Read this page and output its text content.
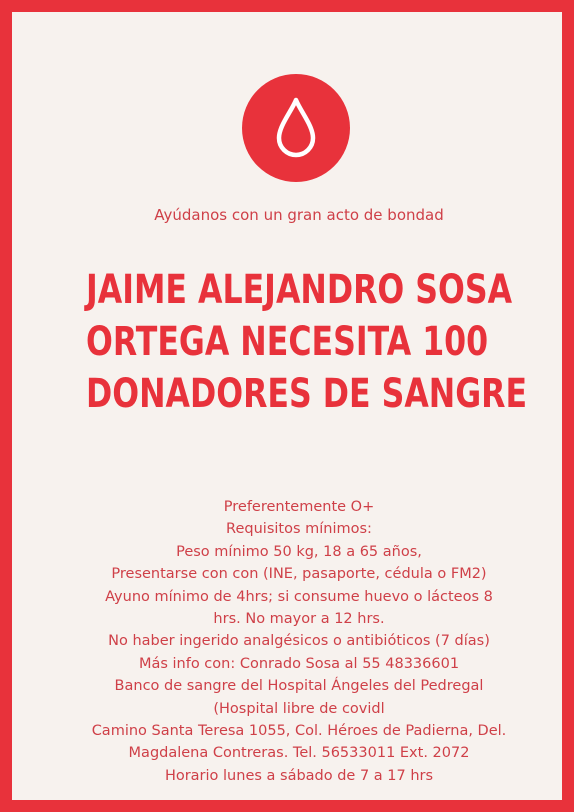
Ayúdanos con un gran acto de bondad
JAIME ALEJANDRO SOSA
ORTEGA NECESITA 100
DONADORES DE SANGRE
Preferentemente O+
Requisitos mínimos:
Peso mínimo 50 kg, 18 a 65 años,
Presentarse con con (INE, pasaporte, cédula o FM2)
Ayuno mínimo de 4hrs; si consume huevo o lácteos 8
hrs. No mayor a 12 hrs.
No haber ingerido analgésicos o antibióticos (7 días)
Más info con: Conrado Sosa al 55 48336601
Banco de sangre del Hospital Ángeles del Pedregal
(Hospital libre de covidl
Camino Santa Teresa 1055, Col. Héroes de Padierna, Del.
Magdalena Contreras. Tel. 56533011 Ext. 2072
Horario lunes a sábado de 7 a 17 hrs
